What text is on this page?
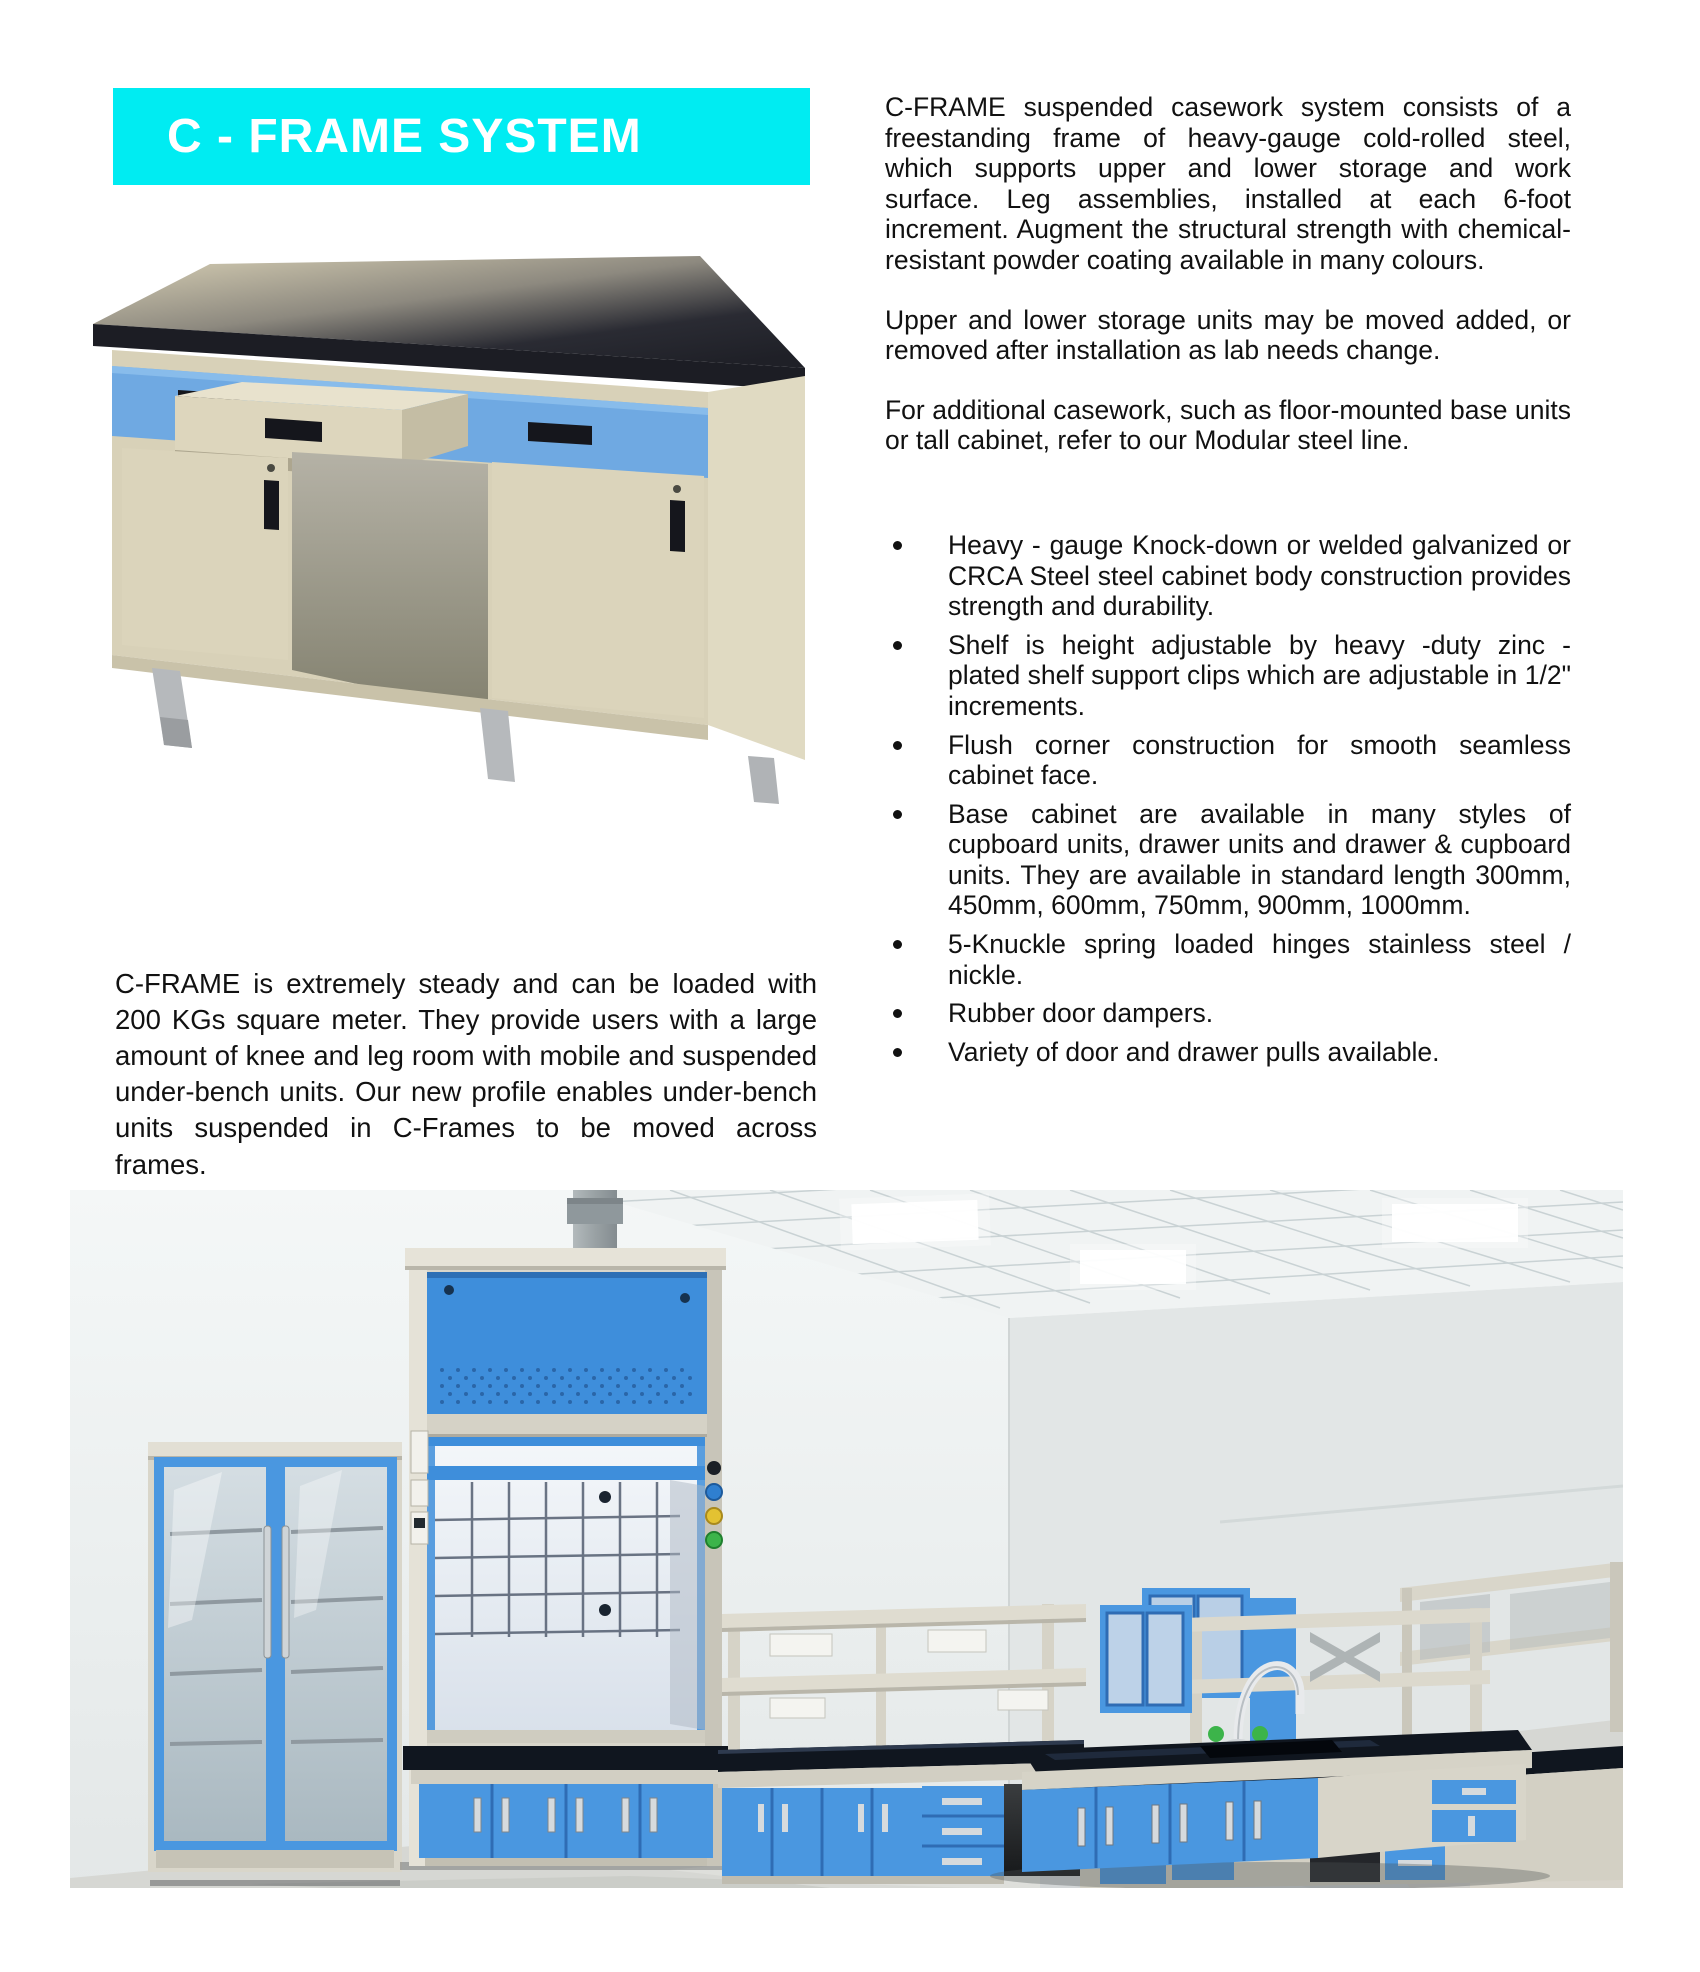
C - FRAME SYSTEM

C-FRAME suspended casework system consists of a freestanding frame of heavy-gauge cold-rolled steel, which supports upper and lower storage and work surface. Leg assemblies, installed at each 6-foot increment. Augment the structural strength with chemical- resistant powder coating available in many colours.

Upper and lower storage units may be moved added, or removed after installation as lab needs change.

For additional casework, such as floor-mounted base units or tall cabinet, refer to our Modular steel line.

Heavy - gauge Knock-down or welded galvanized or CRCA Steel steel cabinet body construction provides strength and durability.
Shelf is height adjustable by heavy -duty zinc - plated shelf support clips which are adjustable in 1/2" increments.
Flush corner construction for smooth seamless cabinet face.
Base cabinet are available in many styles of cupboard units, drawer units and drawer & cupboard units. They are available in standard length 300mm, 450mm, 600mm, 750mm, 900mm, 1000mm.
5-Knuckle spring loaded hinges stainless steel / nickle.
Rubber door dampers.
Variety of door and drawer pulls available.

C-FRAME is extremely steady and can be loaded with 200 KGs square meter. They provide users with a large amount of knee and leg room with mobile and suspended under-bench units. Our new profile enables under-bench units suspended in C-Frames to be moved across frames.
